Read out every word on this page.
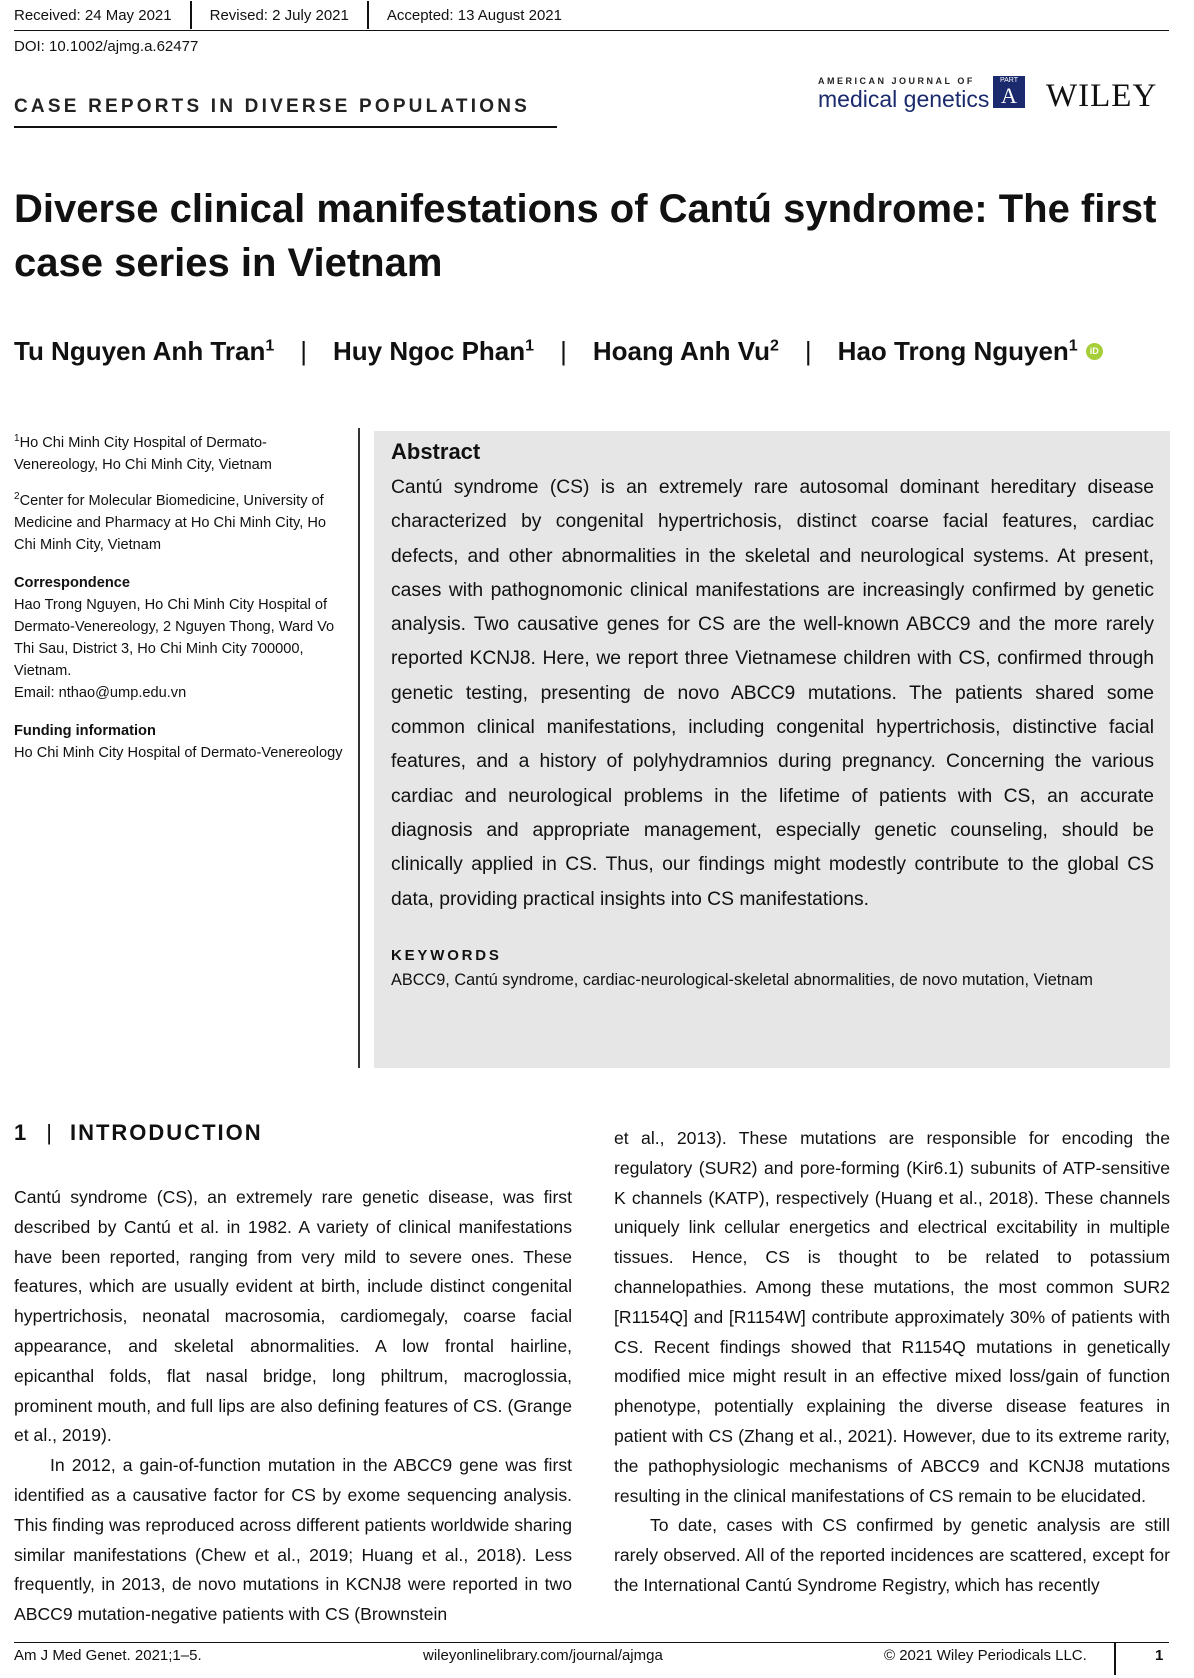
Received: 24 May 2021	Revised: 2 July 2021	Accepted: 13 August 2021
DOI: 10.1002/ajmg.a.62477
CASE REPORTS IN DIVERSE POPULATIONS
AMERICAN JOURNAL OF
medical genetics
PART
A WILEY
Diverse clinical manifestations of Cantú syndrome: The first case series in Vietnam
Tu Nguyen Anh Tran$^1$ | Huy Ngoc Phan$^1$ | Hoang Anh Vu$^2$ | Hao Trong Nguyen$^1$	iD

$^1$Ho Chi Minh City Hospital of Dermato-Venereology, Ho Chi Minh City, Vietnam

$^2$Center for Molecular Biomedicine, University of Medicine and Pharmacy at Ho Chi Minh City, Ho Chi Minh City, Vietnam

Correspondence

Hao Trong Nguyen, Ho Chi Minh City Hospital of Dermato-Venereology, 2 Nguyen Thong, Ward Vo Thi Sau, District 3, Ho Chi Minh City 700000, Vietnam.

Email: nthao@ump.edu.vn

Funding information

Ho Chi Minh City Hospital of Dermato-Venereology

Abstract

Cantú syndrome (CS) is an extremely rare autosomal dominant hereditary disease characterized by congenital hypertrichosis, distinct coarse facial features, cardiac defects, and other abnormalities in the skeletal and neurological systems. At present, cases with pathognomonic clinical manifestations are increasingly confirmed by genetic analysis. Two causative genes for CS are the well-known ABCC9 and the more rarely reported KCNJ8. Here, we report three Vietnamese children with CS, confirmed through genetic testing, presenting de novo ABCC9 mutations. The patients shared some common clinical manifestations, including congenital hypertrichosis, distinctive facial features, and a history of polyhydramnios during pregnancy. Concerning the various cardiac and neurological problems in the lifetime of patients with CS, an accurate diagnosis and appropriate management, especially genetic counseling, should be clinically applied in CS. Thus, our findings might modestly contribute to the global CS data, providing practical insights into CS manifestations.

KEYWORDS
ABCC9, Cantú syndrome, cardiac-neurological-skeletal abnormalities, de novo mutation, Vietnam
1 | INTRODUCTION

Cantú syndrome (CS), an extremely rare genetic disease, was first described by Cantú et al. in 1982. A variety of clinical manifestations have been reported, ranging from very mild to severe ones. These features, which are usually evident at birth, include distinct congenital hypertrichosis, neonatal macrosomia, cardiomegaly, coarse facial appearance, and skeletal abnormalities. A low frontal hairline, epicanthal folds, flat nasal bridge, long philtrum, macroglossia, prominent mouth, and full lips are also defining features of CS. (Grange et al., 2019).

In 2012, a gain-of-function mutation in the ABCC9 gene was first identified as a causative factor for CS by exome sequencing analysis. This finding was reproduced across different patients worldwide sharing similar manifestations (Chew et al., 2019; Huang et al., 2018). Less frequently, in 2013, de novo mutations in KCNJ8 were reported in two ABCC9 mutation-negative patients with CS (Brownstein

et al., 2013). These mutations are responsible for encoding the regulatory (SUR2) and pore-forming (Kir6.1) subunits of ATP-sensitive K channels (KATP), respectively (Huang et al., 2018). These channels uniquely link cellular energetics and electrical excitability in multiple tissues. Hence, CS is thought to be related to potassium channelopathies. Among these mutations, the most common SUR2 [R1154Q] and [R1154W] contribute approximately 30% of patients with CS. Recent findings showed that R1154Q mutations in genetically modified mice might result in an effective mixed loss/gain of function phenotype, potentially explaining the diverse disease features in patient with CS (Zhang et al., 2021). However, due to its extreme rarity, the pathophysiologic mechanisms of ABCC9 and KCNJ8 mutations resulting in the clinical manifestations of CS remain to be elucidated.

To date, cases with CS confirmed by genetic analysis are still rarely observed. All of the reported incidences are scattered, except for the International Cantú Syndrome Registry, which has recently

Am J Med Genet. 2021;1–5.	wileyonlinelibrary.com/journal/ajmga	© 2021 Wiley Periodicals LLC.	1
